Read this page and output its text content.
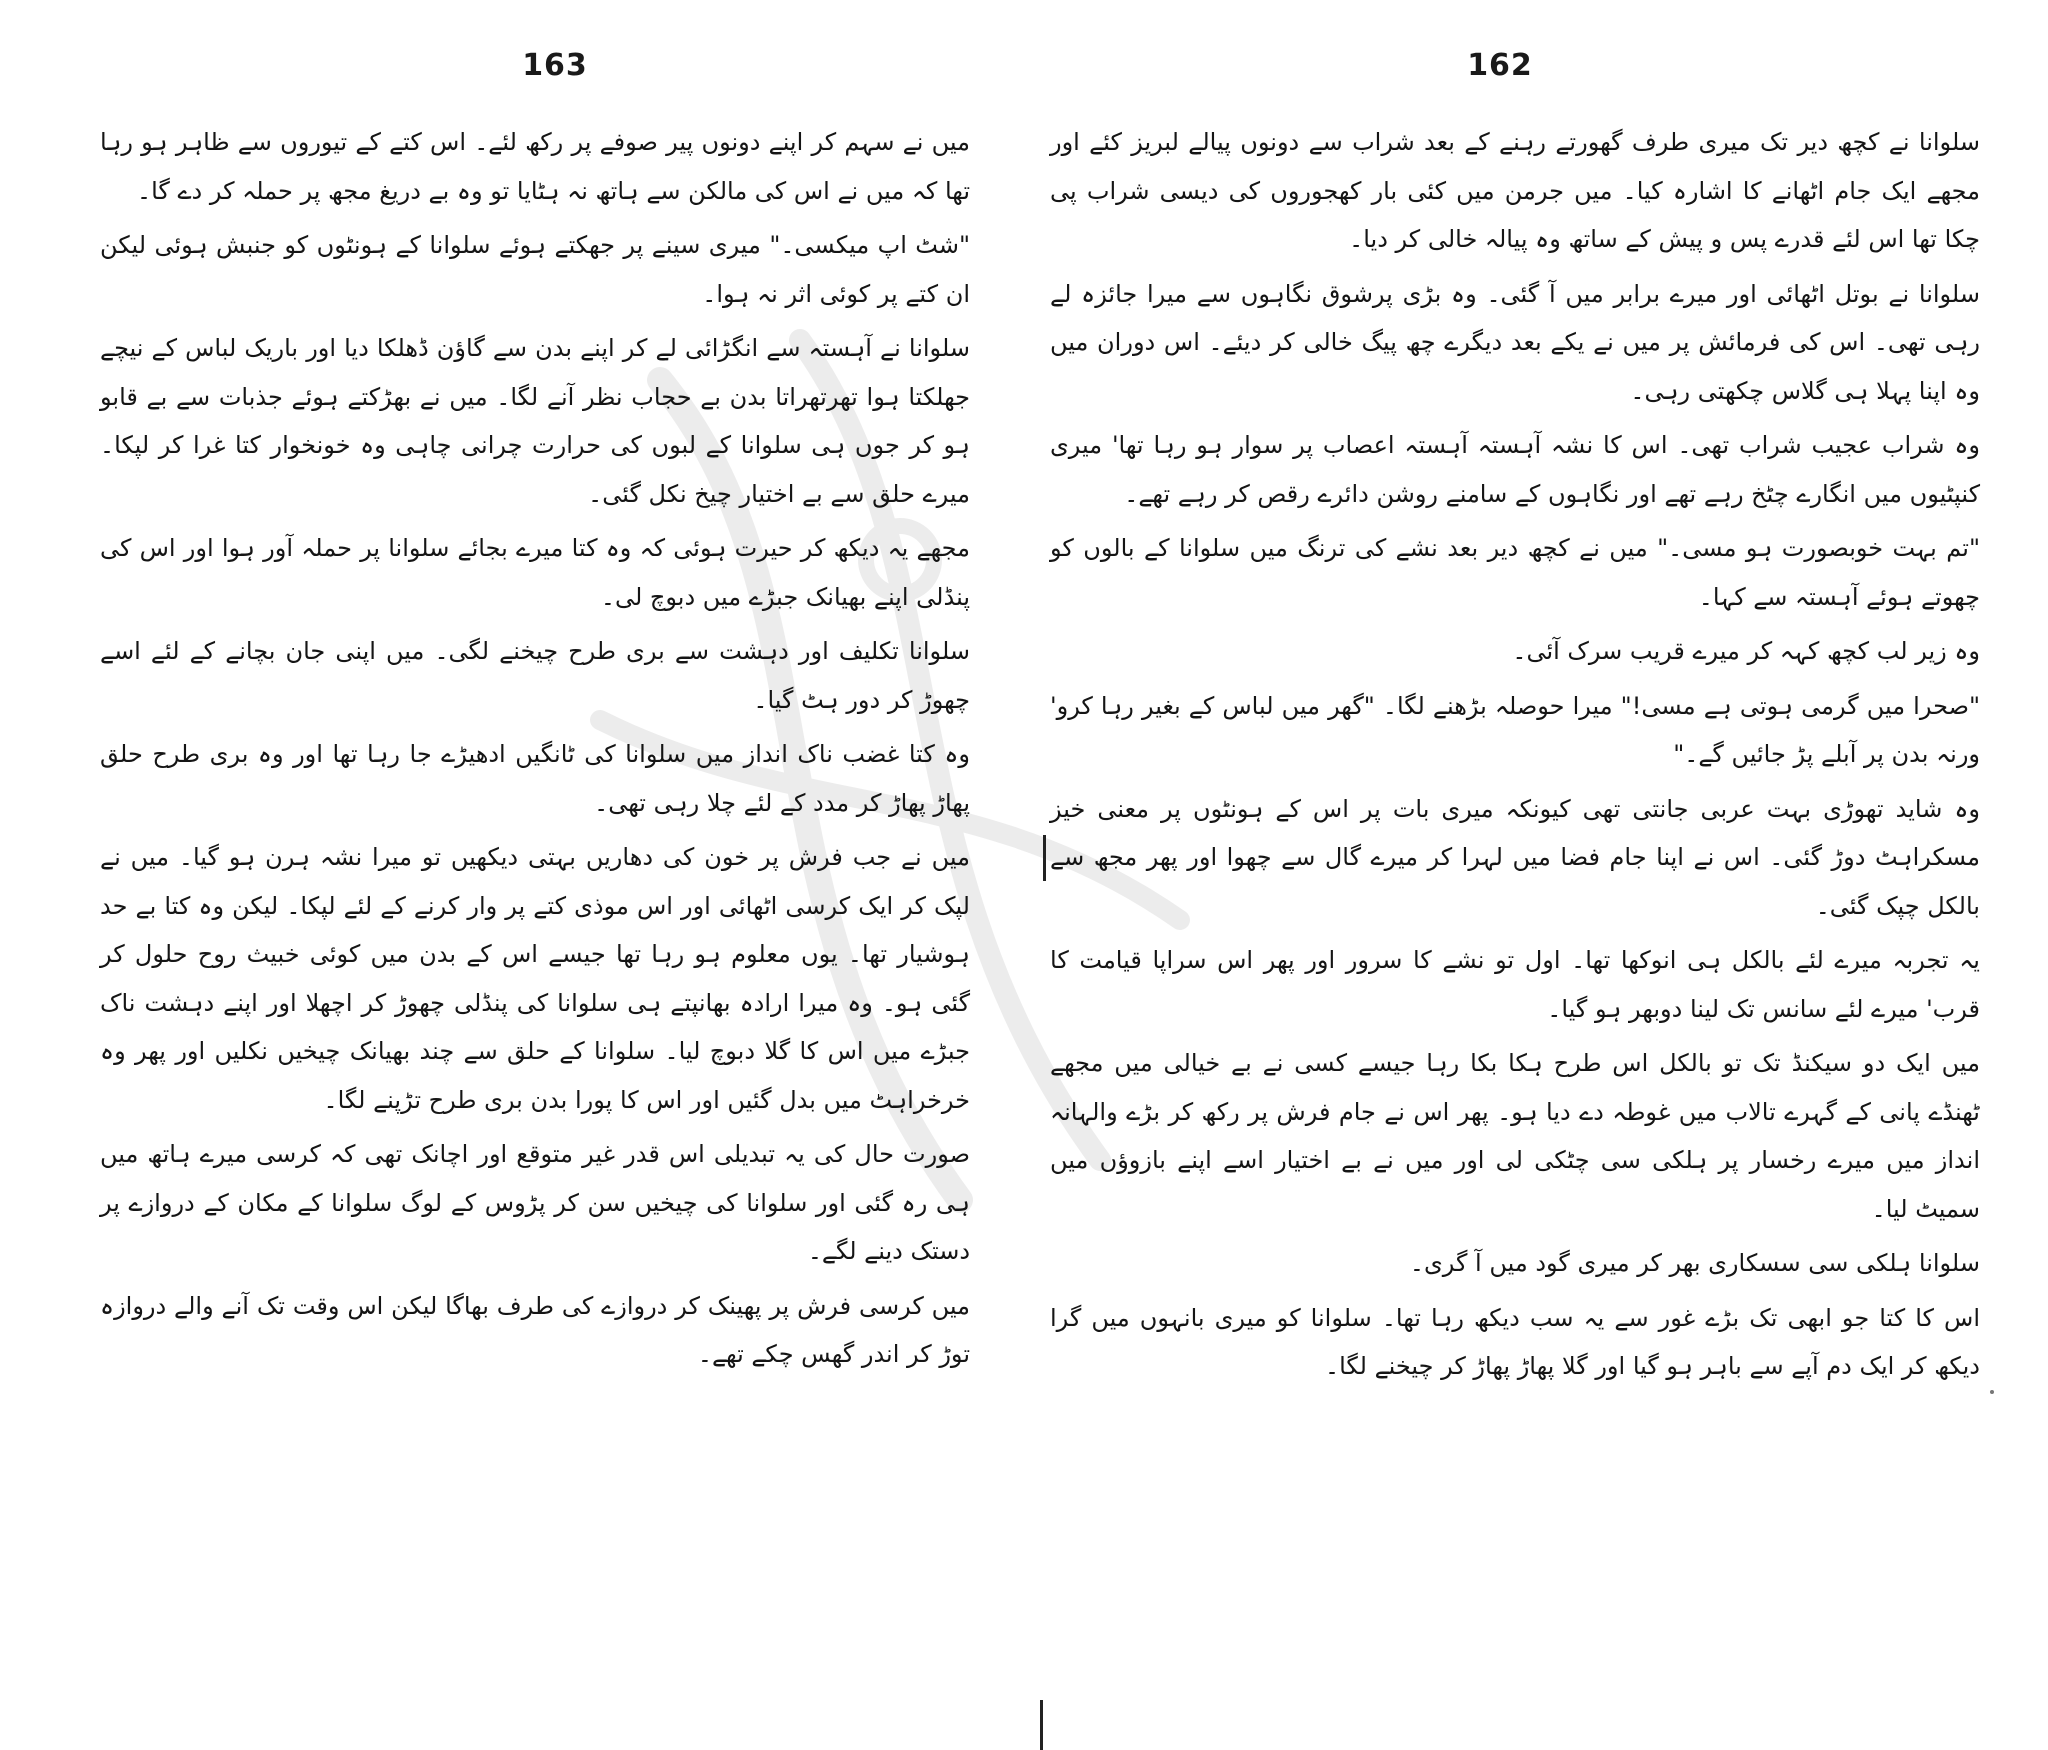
163

میں نے سہم کر اپنے دونوں پیر صوفے پر رکھ لئے۔ اس کتے کے تیوروں سے ظاہر ہو رہا تھا کہ میں نے اس کی مالکن سے ہاتھ نہ ہٹایا تو وہ بے دریغ مجھ پر حملہ کر دے گا۔

"شٹ اپ میکسی۔" میری سینے پر جھکتے ہوئے سلوانا کے ہونٹوں کو جنبش ہوئی لیکن ان کتے پر کوئی اثر نہ ہوا۔

سلوانا نے آہستہ سے انگڑائی لے کر اپنے بدن سے گاؤن ڈھلکا دیا اور باریک لباس کے نیچے جھلکتا ہوا تھرتھراتا بدن بے حجاب نظر آنے لگا۔ میں نے بھڑکتے ہوئے جذبات سے بے قابو ہو کر جوں ہی سلوانا کے لبوں کی حرارت چرانی چاہی وہ خونخوار کتا غرا کر لپکا۔ میرے حلق سے بے اختیار چیخ نکل گئی۔

مجھے یہ دیکھ کر حیرت ہوئی کہ وہ کتا میرے بجائے سلوانا پر حملہ آور ہوا اور اس کی پنڈلی اپنے بھیانک جبڑے میں دبوچ لی۔

سلوانا تکلیف اور دہشت سے بری طرح چیخنے لگی۔ میں اپنی جان بچانے کے لئے اسے چھوڑ کر دور ہٹ گیا۔

وہ کتا غضب ناک انداز میں سلوانا کی ٹانگیں ادھیڑے جا رہا تھا اور وہ بری طرح حلق پھاڑ پھاڑ کر مدد کے لئے چلا رہی تھی۔

میں نے جب فرش پر خون کی دھاریں بہتی دیکھیں تو میرا نشہ ہرن ہو گیا۔ میں نے لپک کر ایک کرسی اٹھائی اور اس موذی کتے پر وار کرنے کے لئے لپکا۔ لیکن وہ کتا بے حد ہوشیار تھا۔ یوں معلوم ہو رہا تھا جیسے اس کے بدن میں کوئی خبیث روح حلول کر گئی ہو۔ وہ میرا ارادہ بھانپتے ہی سلوانا کی پنڈلی چھوڑ کر اچھلا اور اپنے دہشت ناک جبڑے میں اس کا گلا دبوچ لیا۔ سلوانا کے حلق سے چند بھیانک چیخیں نکلیں اور پھر وہ خرخراہٹ میں بدل گئیں اور اس کا پورا بدن بری طرح تڑپنے لگا۔

صورت حال کی یہ تبدیلی اس قدر غیر متوقع اور اچانک تھی کہ کرسی میرے ہاتھ میں ہی رہ گئی اور سلوانا کی چیخیں سن کر پڑوس کے لوگ سلوانا کے مکان کے دروازے پر دستک دینے لگے۔

میں کرسی فرش پر پھینک کر دروازے کی طرف بھاگا لیکن اس وقت تک آنے والے دروازہ توڑ کر اندر گھس چکے تھے۔

162

سلوانا نے کچھ دیر تک میری طرف گھورتے رہنے کے بعد شراب سے دونوں پیالے لبریز کئے اور مجھے ایک جام اٹھانے کا اشارہ کیا۔ میں جرمن میں کئی بار کھجوروں کی دیسی شراب پی چکا تھا اس لئے قدرے پس و پیش کے ساتھ وہ پیالہ خالی کر دیا۔

سلوانا نے بوتل اٹھائی اور میرے برابر میں آ گئی۔ وہ بڑی پرشوق نگاہوں سے میرا جائزہ لے رہی تھی۔ اس کی فرمائش پر میں نے یکے بعد دیگرے چھ پیگ خالی کر دیئے۔ اس دوران میں وہ اپنا پہلا ہی گلاس چکھتی رہی۔

وہ شراب عجیب شراب تھی۔ اس کا نشہ آہستہ آہستہ اعصاب پر سوار ہو رہا تھا' میری کنپٹیوں میں انگارے چٹخ رہے تھے اور نگاہوں کے سامنے روشن دائرے رقص کر رہے تھے۔

"تم بہت خوبصورت ہو مسی۔" میں نے کچھ دیر بعد نشے کی ترنگ میں سلوانا کے بالوں کو چھوتے ہوئے آہستہ سے کہا۔

وہ زیر لب کچھ کہہ کر میرے قریب سرک آئی۔

"صحرا میں گرمی ہوتی ہے مسی!" میرا حوصلہ بڑھنے لگا۔ "گھر میں لباس کے بغیر رہا کرو' ورنہ بدن پر آبلے پڑ جائیں گے۔"

وہ شاید تھوڑی بہت عربی جانتی تھی کیونکہ میری بات پر اس کے ہونٹوں پر معنی خیز مسکراہٹ دوڑ گئی۔ اس نے اپنا جام فضا میں لہرا کر میرے گال سے چھوا اور پھر مجھ سے بالکل چپک گئی۔

یہ تجربہ میرے لئے بالکل ہی انوکھا تھا۔ اول تو نشے کا سرور اور پھر اس سراپا قیامت کا قرب' میرے لئے سانس تک لینا دوبھر ہو گیا۔

میں ایک دو سیکنڈ تک تو بالکل اس طرح ہکا بکا رہا جیسے کسی نے بے خیالی میں مجھے ٹھنڈے پانی کے گہرے تالاب میں غوطہ دے دیا ہو۔ پھر اس نے جام فرش پر رکھ کر بڑے والہانہ انداز میں میرے رخسار پر ہلکی سی چٹکی لی اور میں نے بے اختیار اسے اپنے بازوؤں میں سمیٹ لیا۔

سلوانا ہلکی سی سسکاری بھر کر میری گود میں آ گری۔

اس کا کتا جو ابھی تک بڑے غور سے یہ سب دیکھ رہا تھا۔ سلوانا کو میری بانہوں میں گرا دیکھ کر ایک دم آپے سے باہر ہو گیا اور گلا پھاڑ پھاڑ کر چیخنے لگا۔
